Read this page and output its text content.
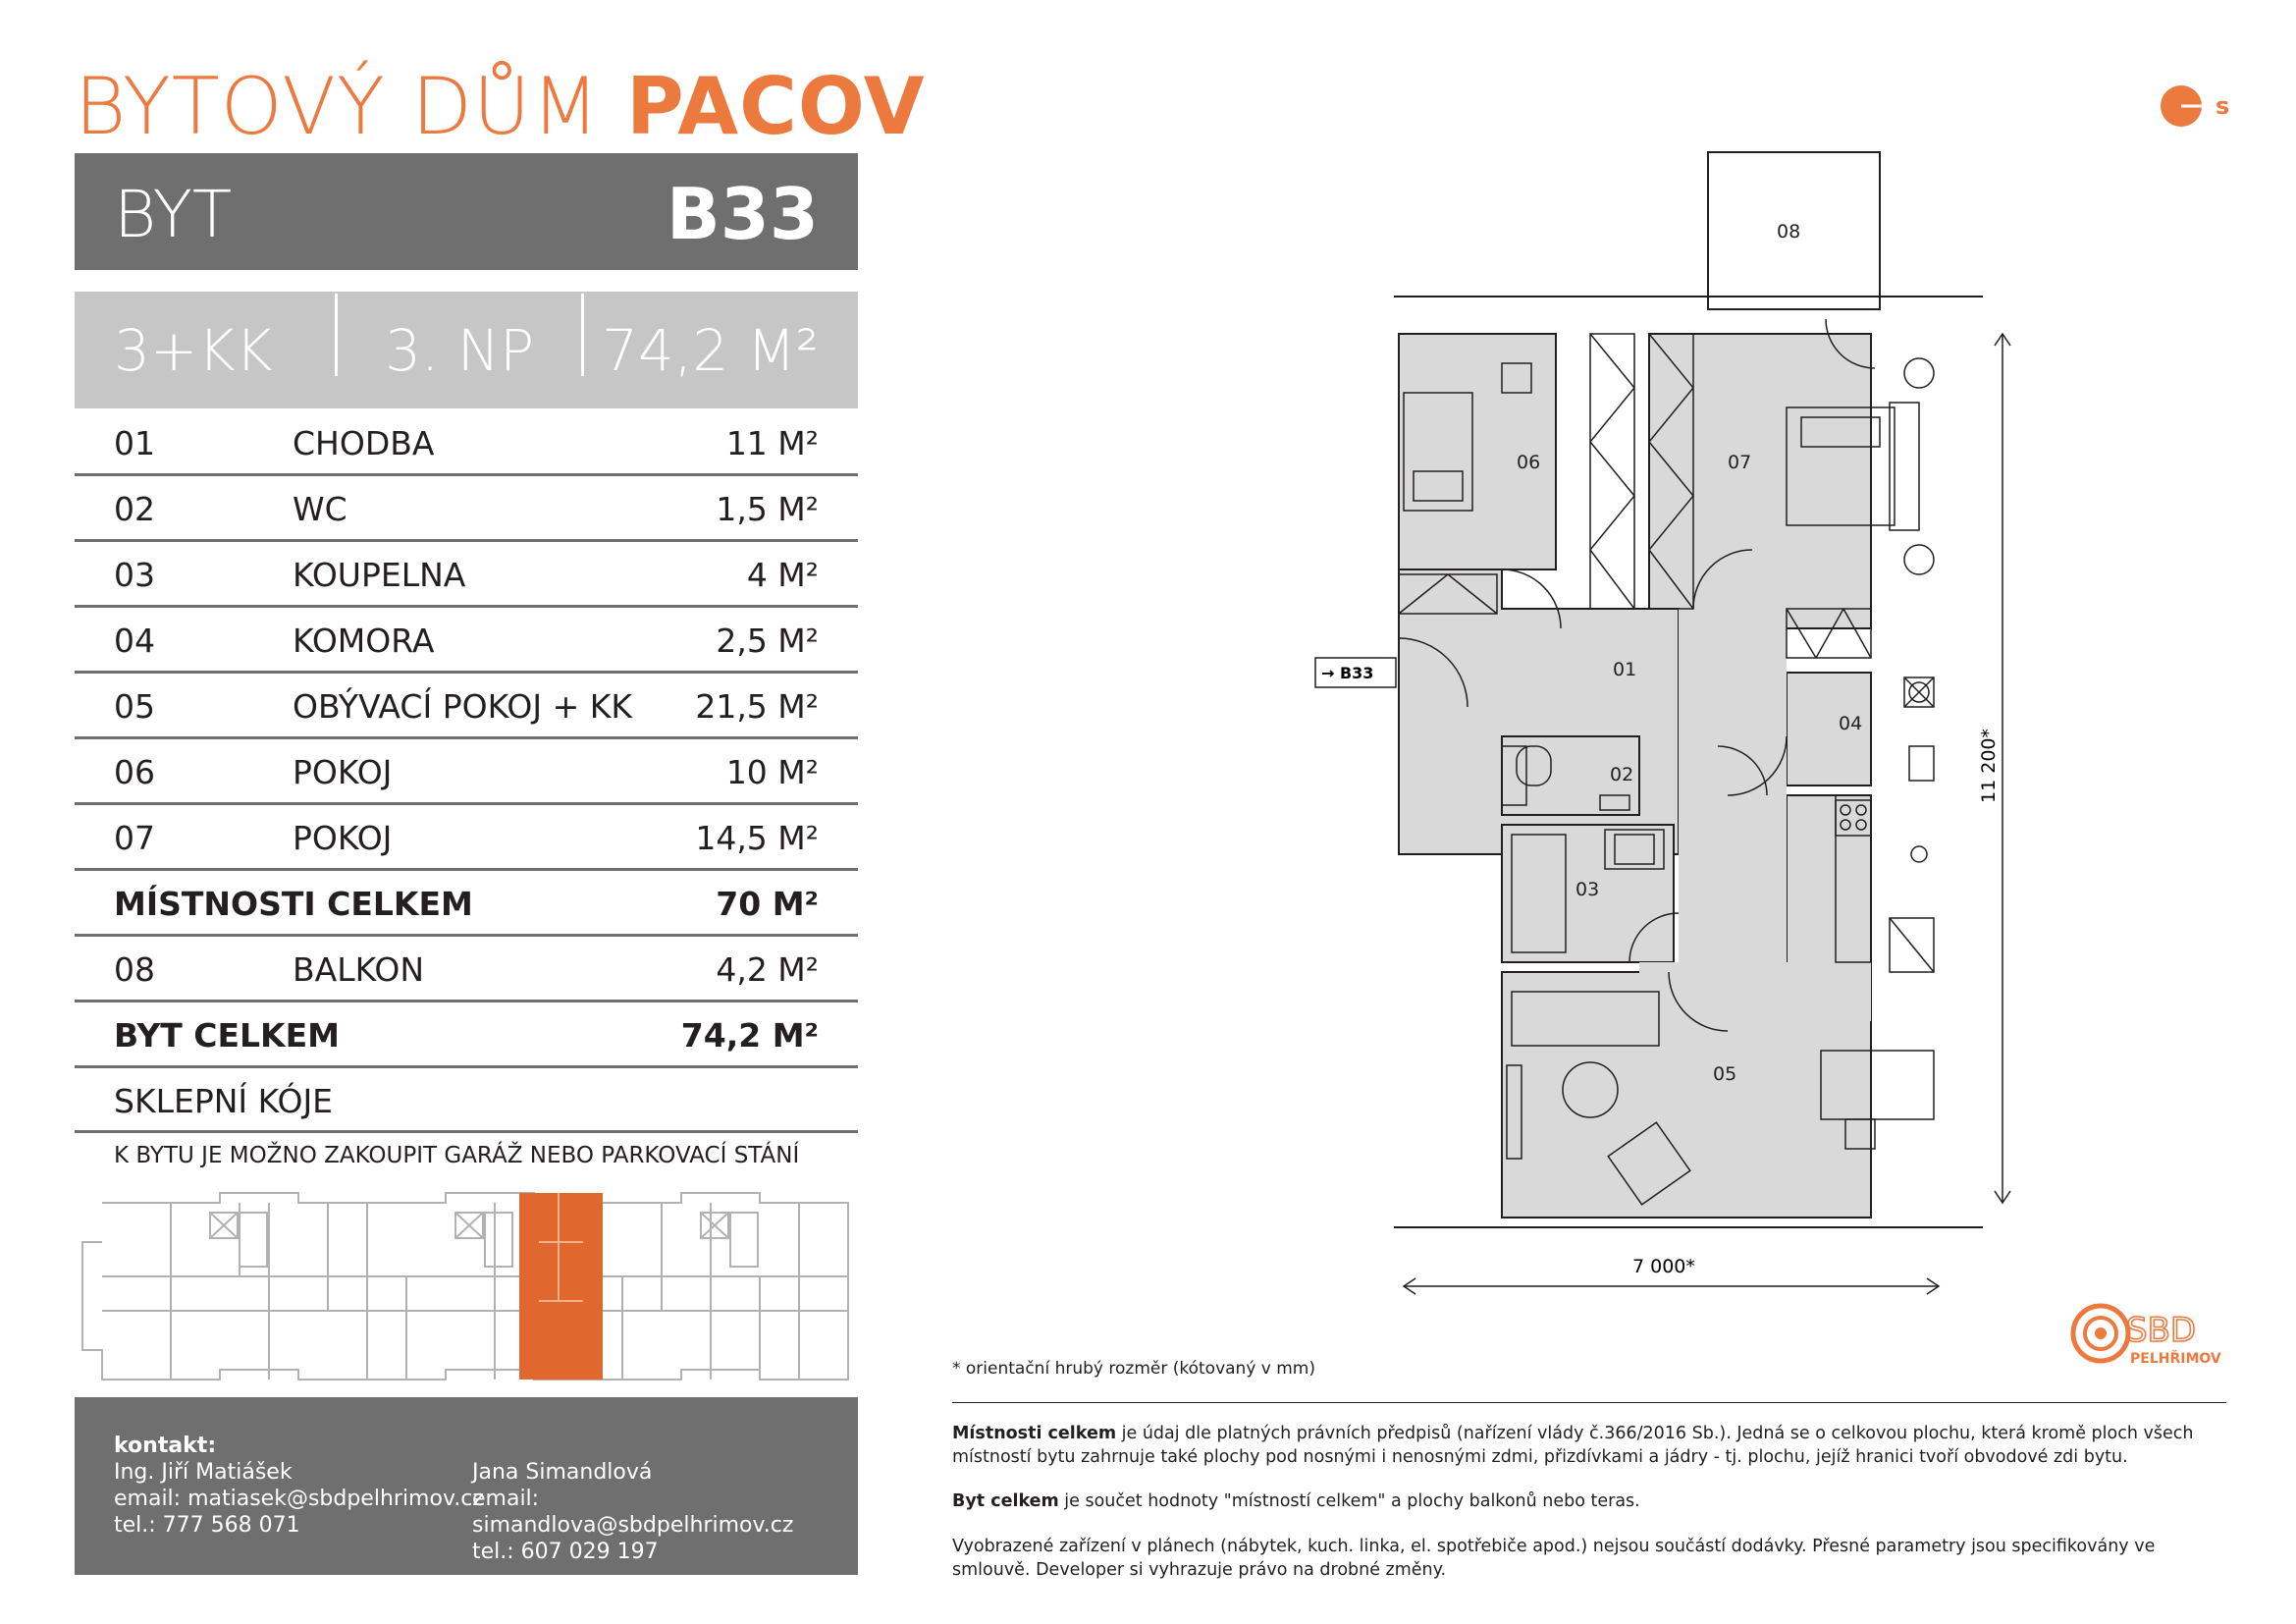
BYTOVÝ DŮM PACOV
BYT	B33
3+KK 3. NP 74,2 M²
01	CHODBA	11 M²
02	WC	1,5 M²
03	KOUPELNA	4 M²
04	KOMORA	2,5 M²
05	OBÝVACÍ POKOJ + KK 21,5 M²
06	POKOJ	10 M²
07	POKOJ	14,5 M²
MÍSTNOSTI CELKEM	70 M²
08	BALKON	4,2 M²
BYT CELKEM	74,2 M²
SKLEPNÍ KÓJE
K BYTU JE MOŽNO ZAKOUPIT GARÁŽ NEBO PARKOVACÍ STÁNÍ
kontakt:
Ing. Jiří Matiášek
email: matiasek@sbdpelhrimov.cz
tel.: 777 568 071
Jana Simandlová
email: simandlova@sbdpelhrimov.cz
tel.: 607 029 197
s
01
02
03
04
05
06	07
08
→ B33
7 000*
11 200*
SBD
PELHŘIMOV
* orientační hrubý rozměr (kótovaný v mm)
Místnosti celkem je údaj dle platných právních předpisů (nařízení vlády č.366/2016 Sb.). Jedná se o celkovou plochu, která kromě ploch všech místností bytu zahrnuje také plochy pod nosnými i nenosnými zdmi, přizdívkami a jádry - tj. plochu, jejíž hranici tvoří obvodové zdi bytu.
Byt celkem je součet hodnoty "místností celkem" a plochy balkonů nebo teras.
Vyobrazené zařízení v plánech (nábytek, kuch. linka, el. spotřebiče apod.) nejsou součástí dodávky. Přesné parametry jsou specifikovány ve smlouvě. Developer si vyhrazuje právo na drobné změny.
